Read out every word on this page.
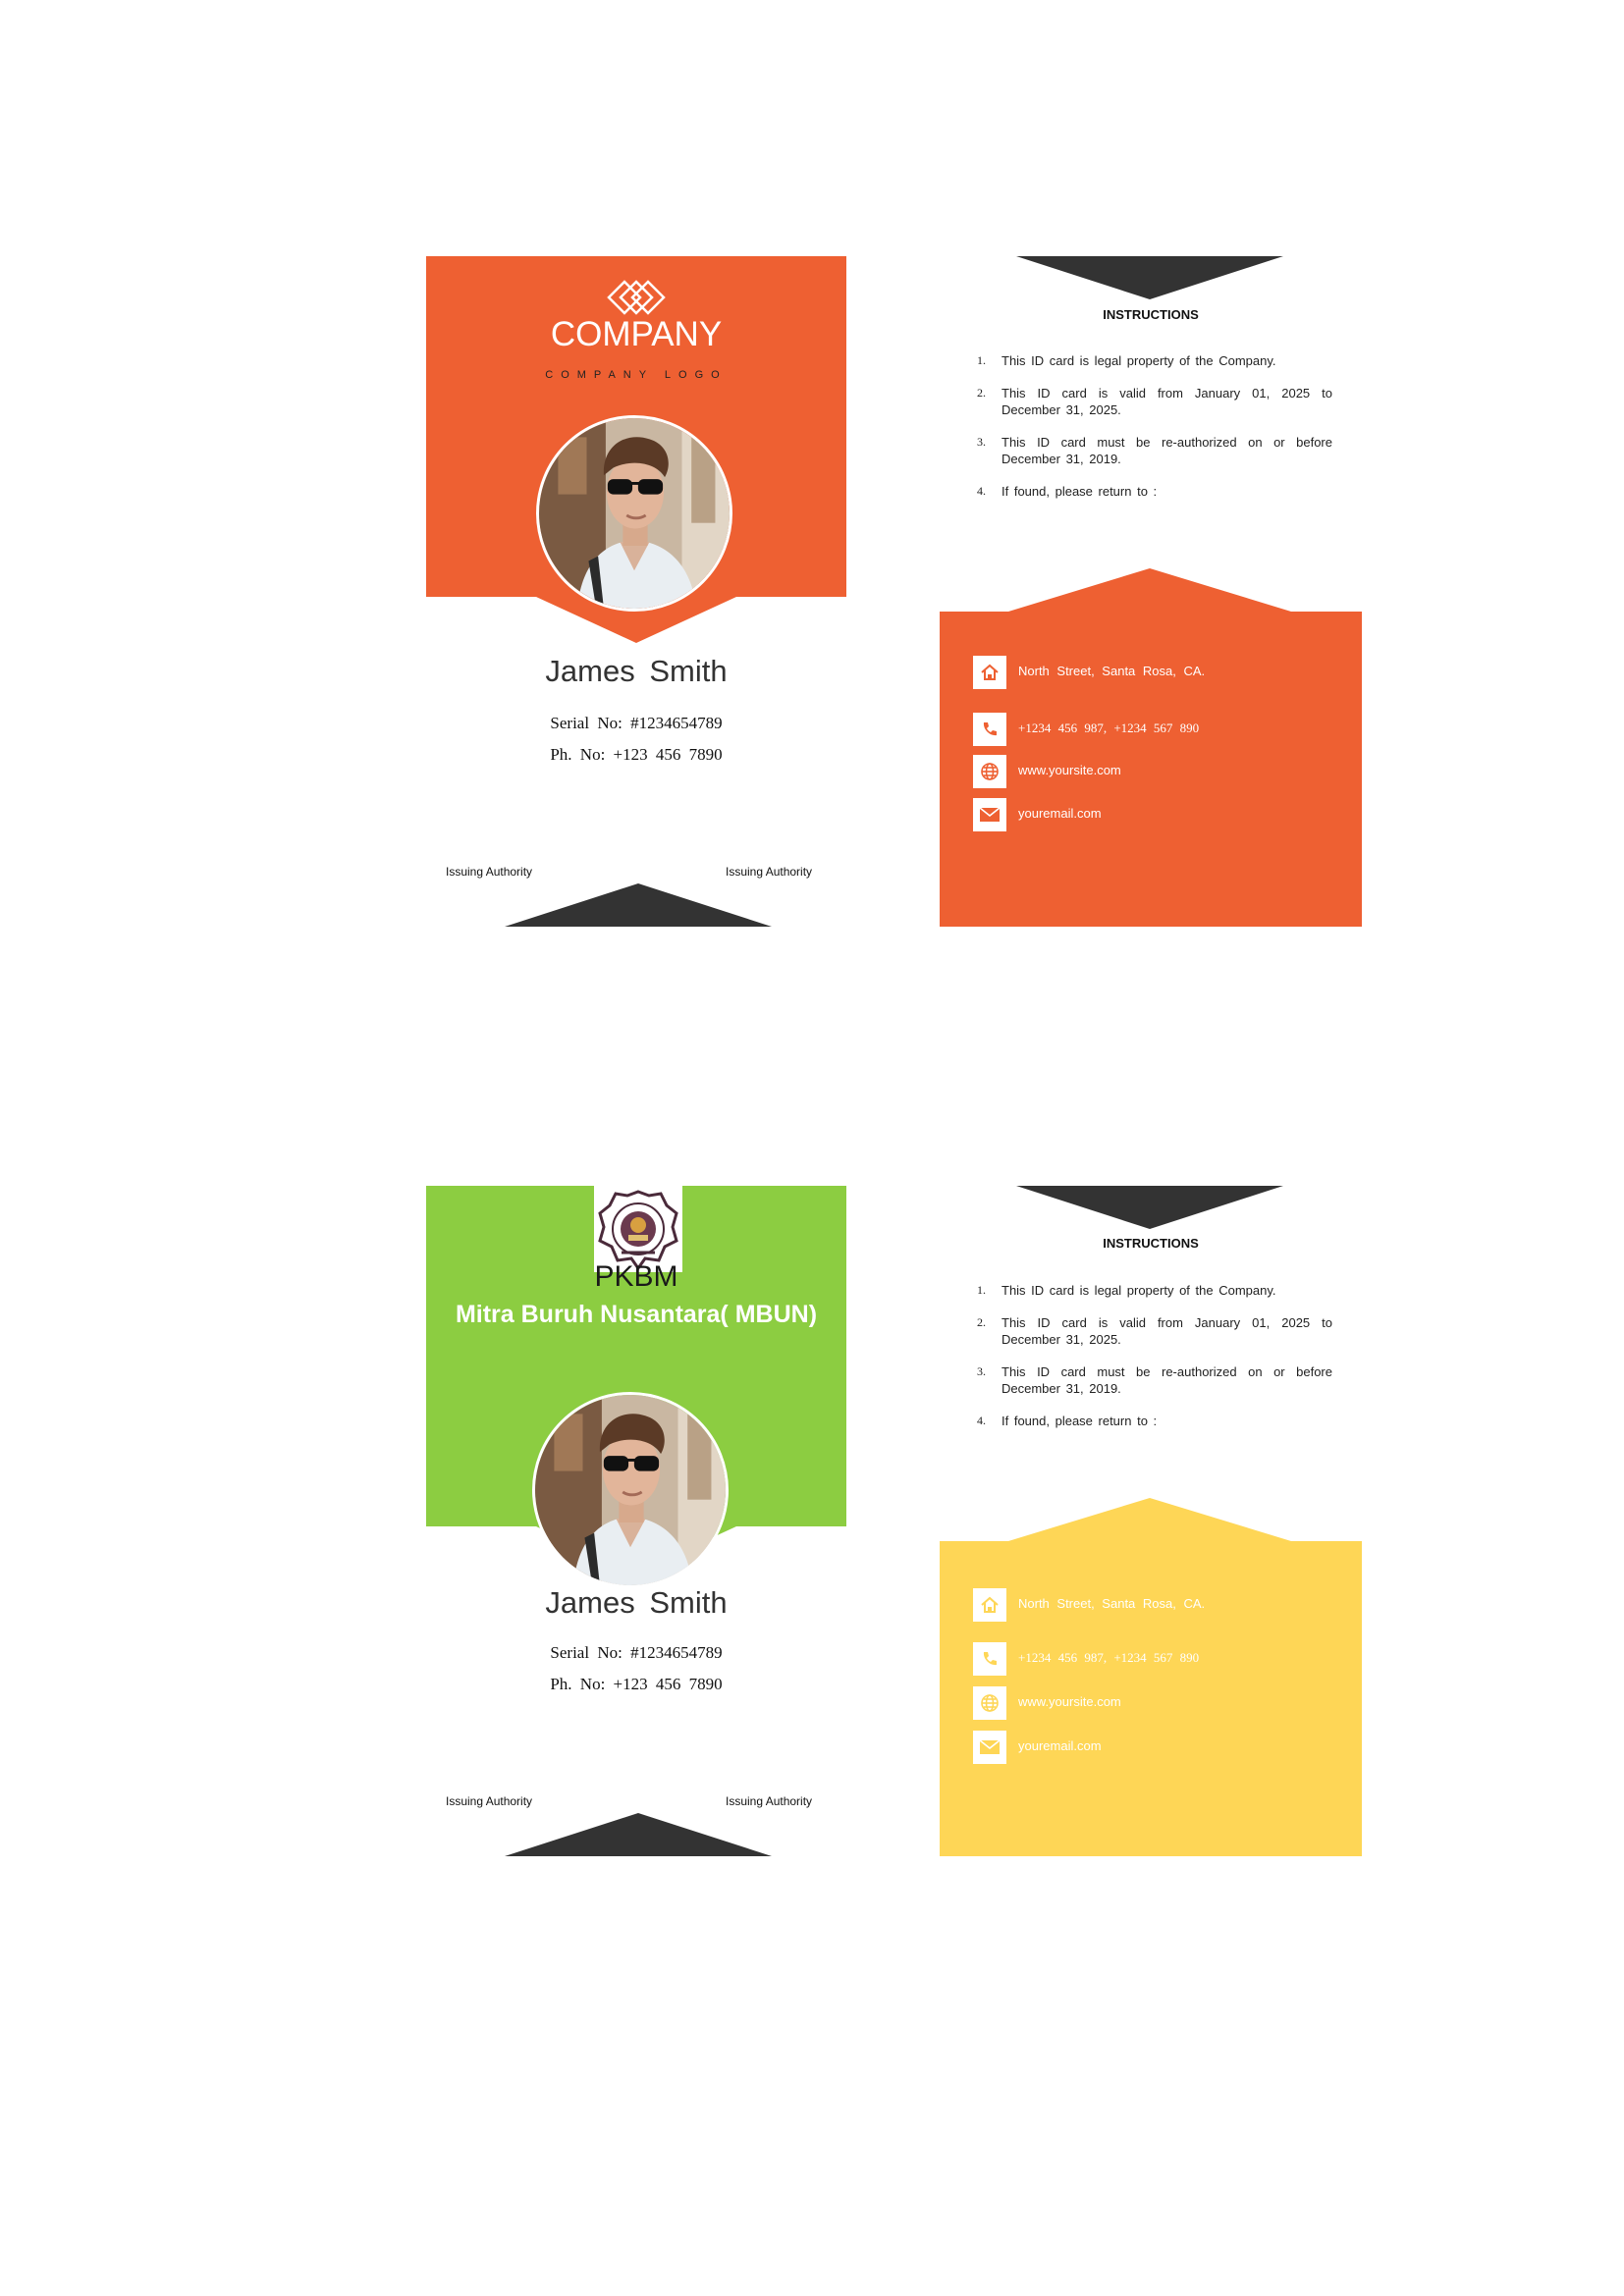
COMPANY
COMPANY LOGO
James Smith
Serial No: #1234654789
Ph. No: +123 456 7890
Issuing Authority	Issuing Authority
INSTRUCTIONS
1. This ID card is legal property of the Company.
2. This ID card is valid from January 01, 2025 to December 31, 2025.
3. This ID card must be re-authorized on or before December 31, 2019.
4. If found, please return to :
North Street, Santa Rosa, CA.
+1234 456 987, +1234 567 890
www.yoursite.com
youremail.com
PKBM
Mitra Buruh Nusantara( MBUN)
James Smith
Serial No: #1234654789
Ph. No: +123 456 7890
Issuing Authority	Issuing Authority
INSTRUCTIONS
1. This ID card is legal property of the Company.
2. This ID card is valid from January 01, 2025 to December 31, 2025.
3. This ID card must be re-authorized on or before December 31, 2019.
4. If found, please return to :
North Street, Santa Rosa, CA.
+1234 456 987, +1234 567 890
www.yoursite.com
youremail.com
